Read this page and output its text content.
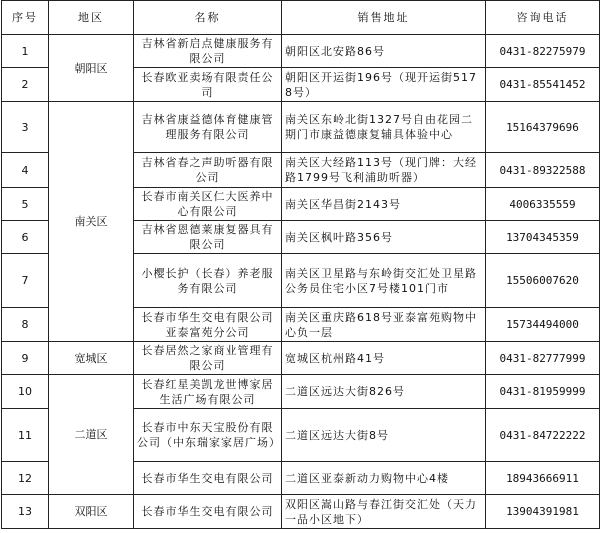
序号	地区	名称	销售地址	咨询电话
1	朝阳区	吉林省新启点健康服务有限公司	朝阳区北安路86号	0431-82275979
2		长春欧亚卖场有限责任公司	朝阳区开运街196号（现开运街5178号）	0431-85541452
3	南关区	吉林省康益德体育健康管理服务有限公司	南关区东岭北街1327号自由花园二期门市康益德康复辅具体验中心	15164379696
4		吉林省春之声助听器有限公司	南关区大经路113号（现门牌：大经路1799号飞利浦助听器）	0431-89322588
5		长春市南关区仁大医养中心有限公司	南关区华昌街2143号	4006335559
6		吉林省恩德莱康复器具有限公司	南关区枫叶路356号	13704345359
7		小樱长护（长春）养老服务有限公司	南关区卫星路与东岭街交汇处卫星路公务员住宅小区7号楼101门市	15506007620
8		长春市华生交电有限公司亚泰富苑分公司	南关区重庆路618号亚泰富苑购物中心负一层	15734494000
9	宽城区	长春居然之家商业管理有限公司	宽城区杭州路41号	0431-82777999
10	二道区	长春红星美凯龙世博家居生活广场有限公司	二道区远达大街826号	0431-81959999
11		长春市中东天宝股份有限公司（中东瑞家家居广场）	二道区远达大街8号	0431-84722222
12		长春市华生交电有限公司	二道区亚泰新动力购物中心4楼	18943666911
13	双阳区	长春市华生交电有限公司	双阳区嵩山路与春江街交汇处（天力一品小区地下）	13904391981
